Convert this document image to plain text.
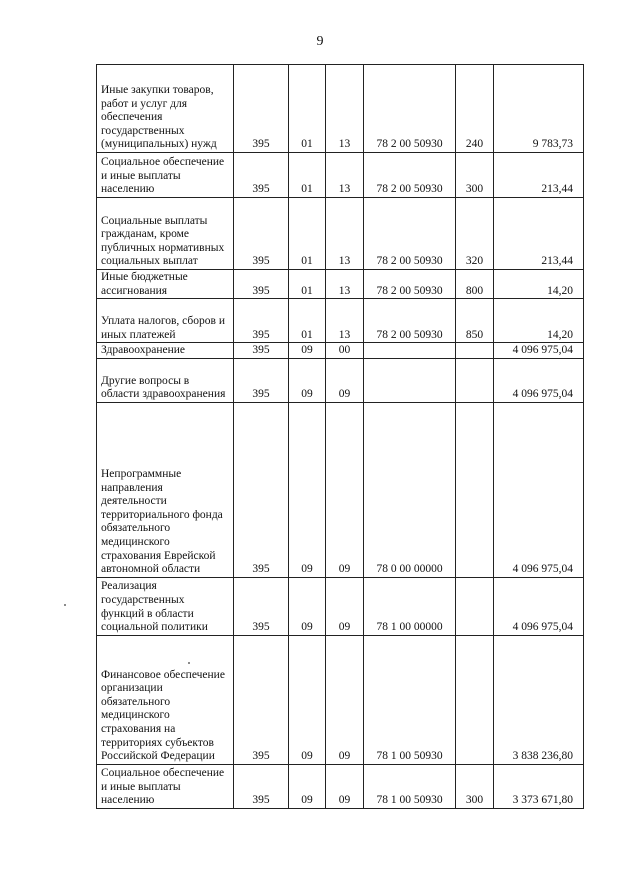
9
Иные закупки товаров, работ и услуг для обеспечения государственных (муниципальных) нужд	395	01	13	78 2 00 50930	240	9 783,73
Социальное обеспечение и иные выплаты населению	395	01	13	78 2 00 50930	300	213,44
Социальные выплаты гражданам, кроме публичных нормативных социальных выплат	395	01	13	78 2 00 50930	320	213,44
Иные бюджетные ассигнования	395	01	13	78 2 00 50930	800	14,20
Уплата налогов, сборов и иных платежей	395	01	13	78 2 00 50930	850	14,20
Здравоохранение	395	09	00			4 096 975,04
Другие вопросы в области здравоохранения	395	09	09			4 096 975,04
Непрограммные направления деятельности территориального фонда обязательного медицинского страхования Еврейской автономной области	395	09	09	78 0 00 00000		4 096 975,04
Реализация государственных функций в области социальной политики	395	09	09	78 1 00 00000		4 096 975,04
Финансовое обеспечение организации обязательного медицинского страхования на территориях субъектов Российской Федерации	395	09	09	78 1 00 50930		3 838 236,80
Социальное обеспечение и иные выплаты населению	395	09	09	78 1 00 50930	300	3 373 671,80
